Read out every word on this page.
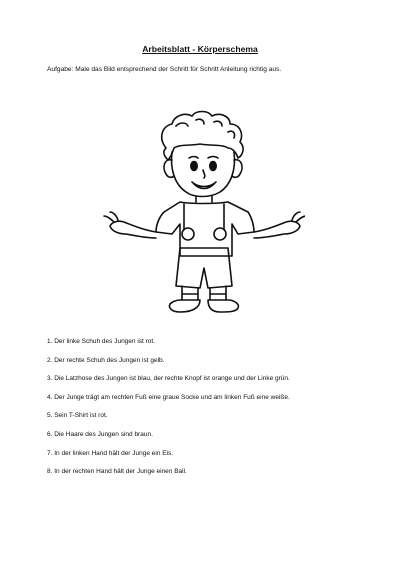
Arbeitsblatt - Körperschema
Aufgabe: Male das Bild entsprechend der Schritt für Schritt Anleitung richtig aus.
1. Der linke Schuh des Jungen ist rot.
2. Der rechte Schuh des Jungen ist gelb.
3. Die Latzhose des Jungen ist blau, der rechte Knopf ist orange und der Linke grün.
4. Der Junge trägt am rechten Fuß eine graue Socke und am linken Fuß eine weiße.
5. Sein T-Shirt ist rot.
6. Die Haare des Jungen sind braun.
7. In der linken Hand hält der Junge ein Eis.
8. In der rechten Hand hält der Junge einen Ball.
